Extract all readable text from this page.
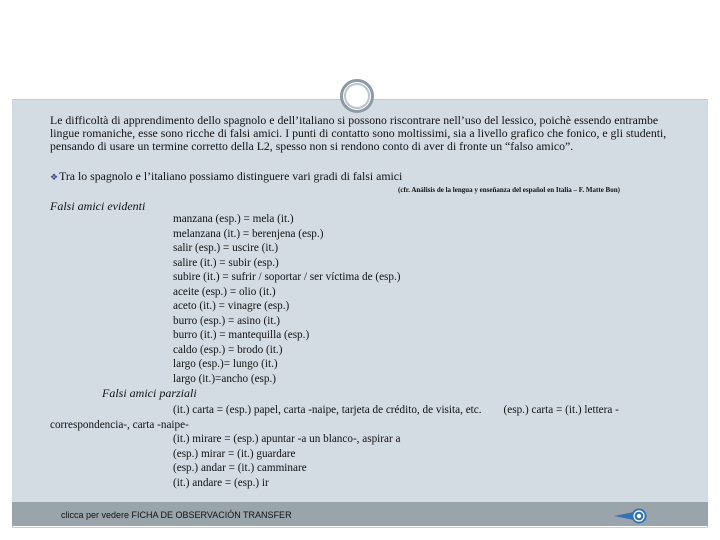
Le difficoltà di apprendimento dello spagnolo e dell’italiano si possono riscontrare nell’uso del lessico, poichè essendo entrambe lingue romaniche, esse sono ricche di falsi amici. I punti di contatto sono moltissimi, sia a livello grafico che fonico, e gli studenti, pensando di usare un termine corretto della L2, spesso non si rendono conto di aver di fronte un “falso amico”.
❖Tra lo spagnolo e l’italiano possiamo distinguere vari gradi di falsi amici
(cfr. Análisis de la lengua y enseñanza del español en Italia – F. Matte Bon)
Falsi amici evidenti
manzana (esp.) = mela (it.)
melanzana (it.) = berenjena (esp.)
salir (esp.) = uscire (it.)
salire (it.) = subir (esp.)
subire (it.) = sufrir / soportar / ser víctima de (esp.)
aceite (esp.) = olio (it.)
aceto (it.) = vinagre (esp.)
burro (esp.) = asino (it.)
burro (it.) = mantequilla (esp.)
caldo (esp.) = brodo (it.)
largo (esp.)= lungo (it.)
largo (it.)=ancho (esp.)
Falsi amici parziali
(it.) carta = (esp.) papel, carta -naipe, tarjeta de crédito, de visita, etc. (esp.) carta = (it.) lettera -
correspondencia-, carta -naipe-
(it.) mirare = (esp.) apuntar -a un blanco-, aspirar a
(esp.) mirar = (it.) guardare
(esp.) andar = (it.) camminare
(it.) andare = (esp.) ir
clicca per vedere FICHA DE OBSERVACIÓN TRANSFER
